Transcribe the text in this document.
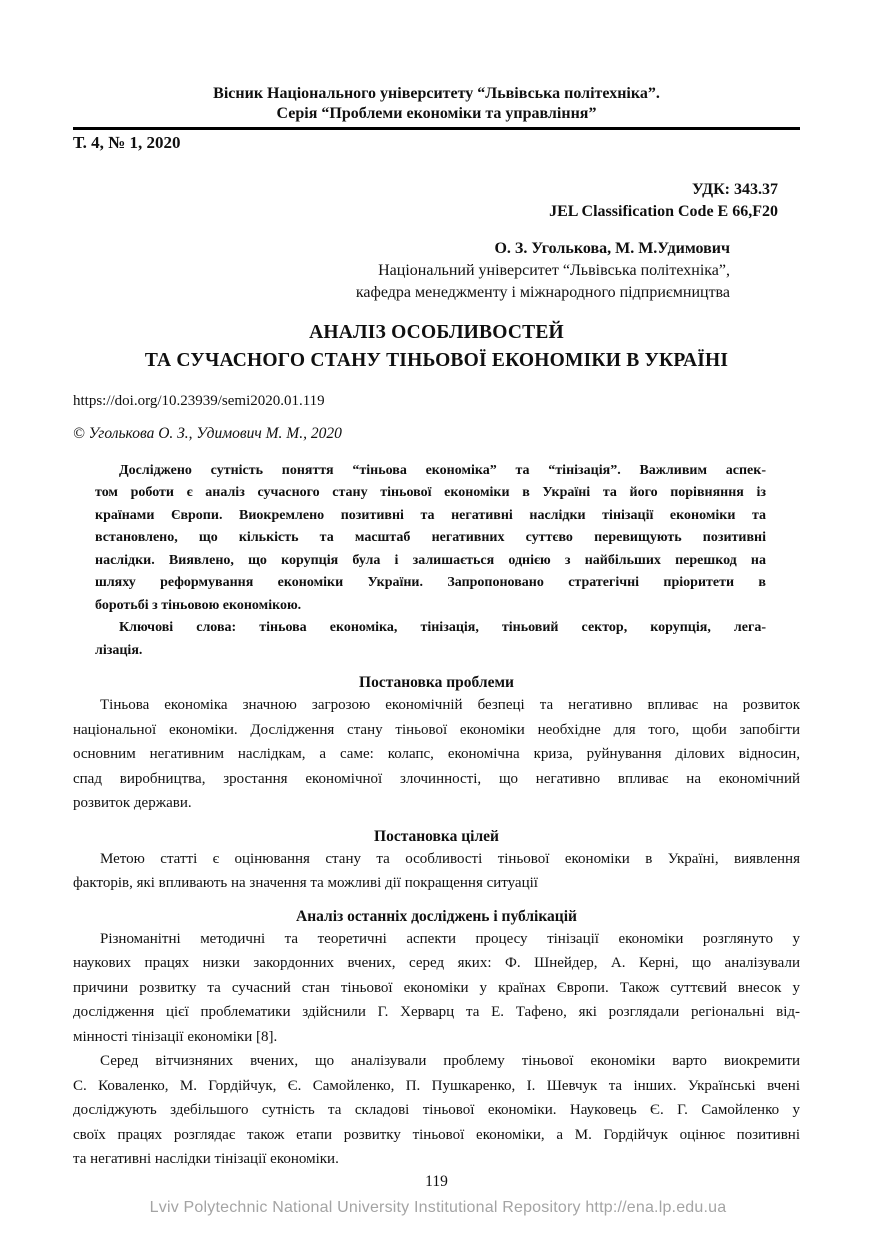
Вісник Національного університету “Львівська політехніка”.
Серія “Проблеми економіки та управління”
Т. 4, № 1, 2020
УДК: 343.37
JEL Classification Code E 66,F20
О. З. Уголькова, М. М.Удимович
Національний університет “Львівська політехніка”,
кафедра менеджменту і міжнародного підприємництва
АНАЛІЗ ОСОБЛИВОСТЕЙ
ТА СУЧАСНОГО СТАНУ ТІНЬОВОЇ ЕКОНОМІКИ В УКРАЇНІ
https://doi.org/10.23939/semi2020.01.119
© Уголькова О. З., Удимович М. М., 2020
Досліджено сутність поняття “тіньова економіка” та “тінізація”. Важливим аспек-
том роботи є аналіз сучасного стану тіньової економіки в Україні та його порівняння із
країнами Європи. Виокремлено позитивні та негативні наслідки тінізації економіки та
встановлено, що кількість та масштаб негативних суттєво перевищують позитивні
наслідки. Виявлено, що корупція була і залишається однією з найбільших перешкод на
шляху реформування економіки України. Запропоновано стратегічні пріоритети в
боротьбі з тіньовою економікою.
Ключові слова: тіньова економіка, тінізація, тіньовий сектор, корупція, лега-
лізація.
Постановка проблеми
Тіньова економіка значною загрозою економічній безпеці та негативно впливає на розвиток
національної економіки. Дослідження стану тіньової економіки необхідне для того, щоби запобігти
основним негативним наслідкам, а саме: колапс, економічна криза, руйнування ділових відносин,
спад виробництва, зростання економічної злочинності, що негативно впливає на економічний
розвиток держави.
Постановка цілей
Метою статті є оцінювання стану та особливості тіньової економіки в Україні, виявлення
факторів, які впливають на значення та можливі дії покращення ситуації
Аналіз останніх досліджень і публікацій
Різноманітні методичні та теоретичні аспекти процесу тінізації економіки розглянуто у
наукових працях низки закордонних вчених, серед яких: Ф. Шнейдер, А. Керні, що аналізували
причини розвитку та сучасний стан тіньової економіки у країнах Європи. Також суттєвий внесок у
дослідження цієї проблематики здійснили Г. Херварц та Е. Тафено, які розглядали регіональні від-
мінності тінізації економіки [8].
Серед вітчизняних вчених, що аналізували проблему тіньової економіки варто виокремити
С. Коваленко, М. Гордійчук, Є. Самойленко, П. Пушкаренко, І. Шевчук та інших. Українські вчені
досліджують здебільшого сутність та складові тіньової економіки. Науковець Є. Г. Самойленко у
своїх працях розглядає також етапи розвитку тіньової економіки, а М. Гордійчук оцінює позитивні
та негативні наслідки тінізації економіки.
119
Lviv Polytechnic National University Institutional Repository http://ena.lp.edu.ua
